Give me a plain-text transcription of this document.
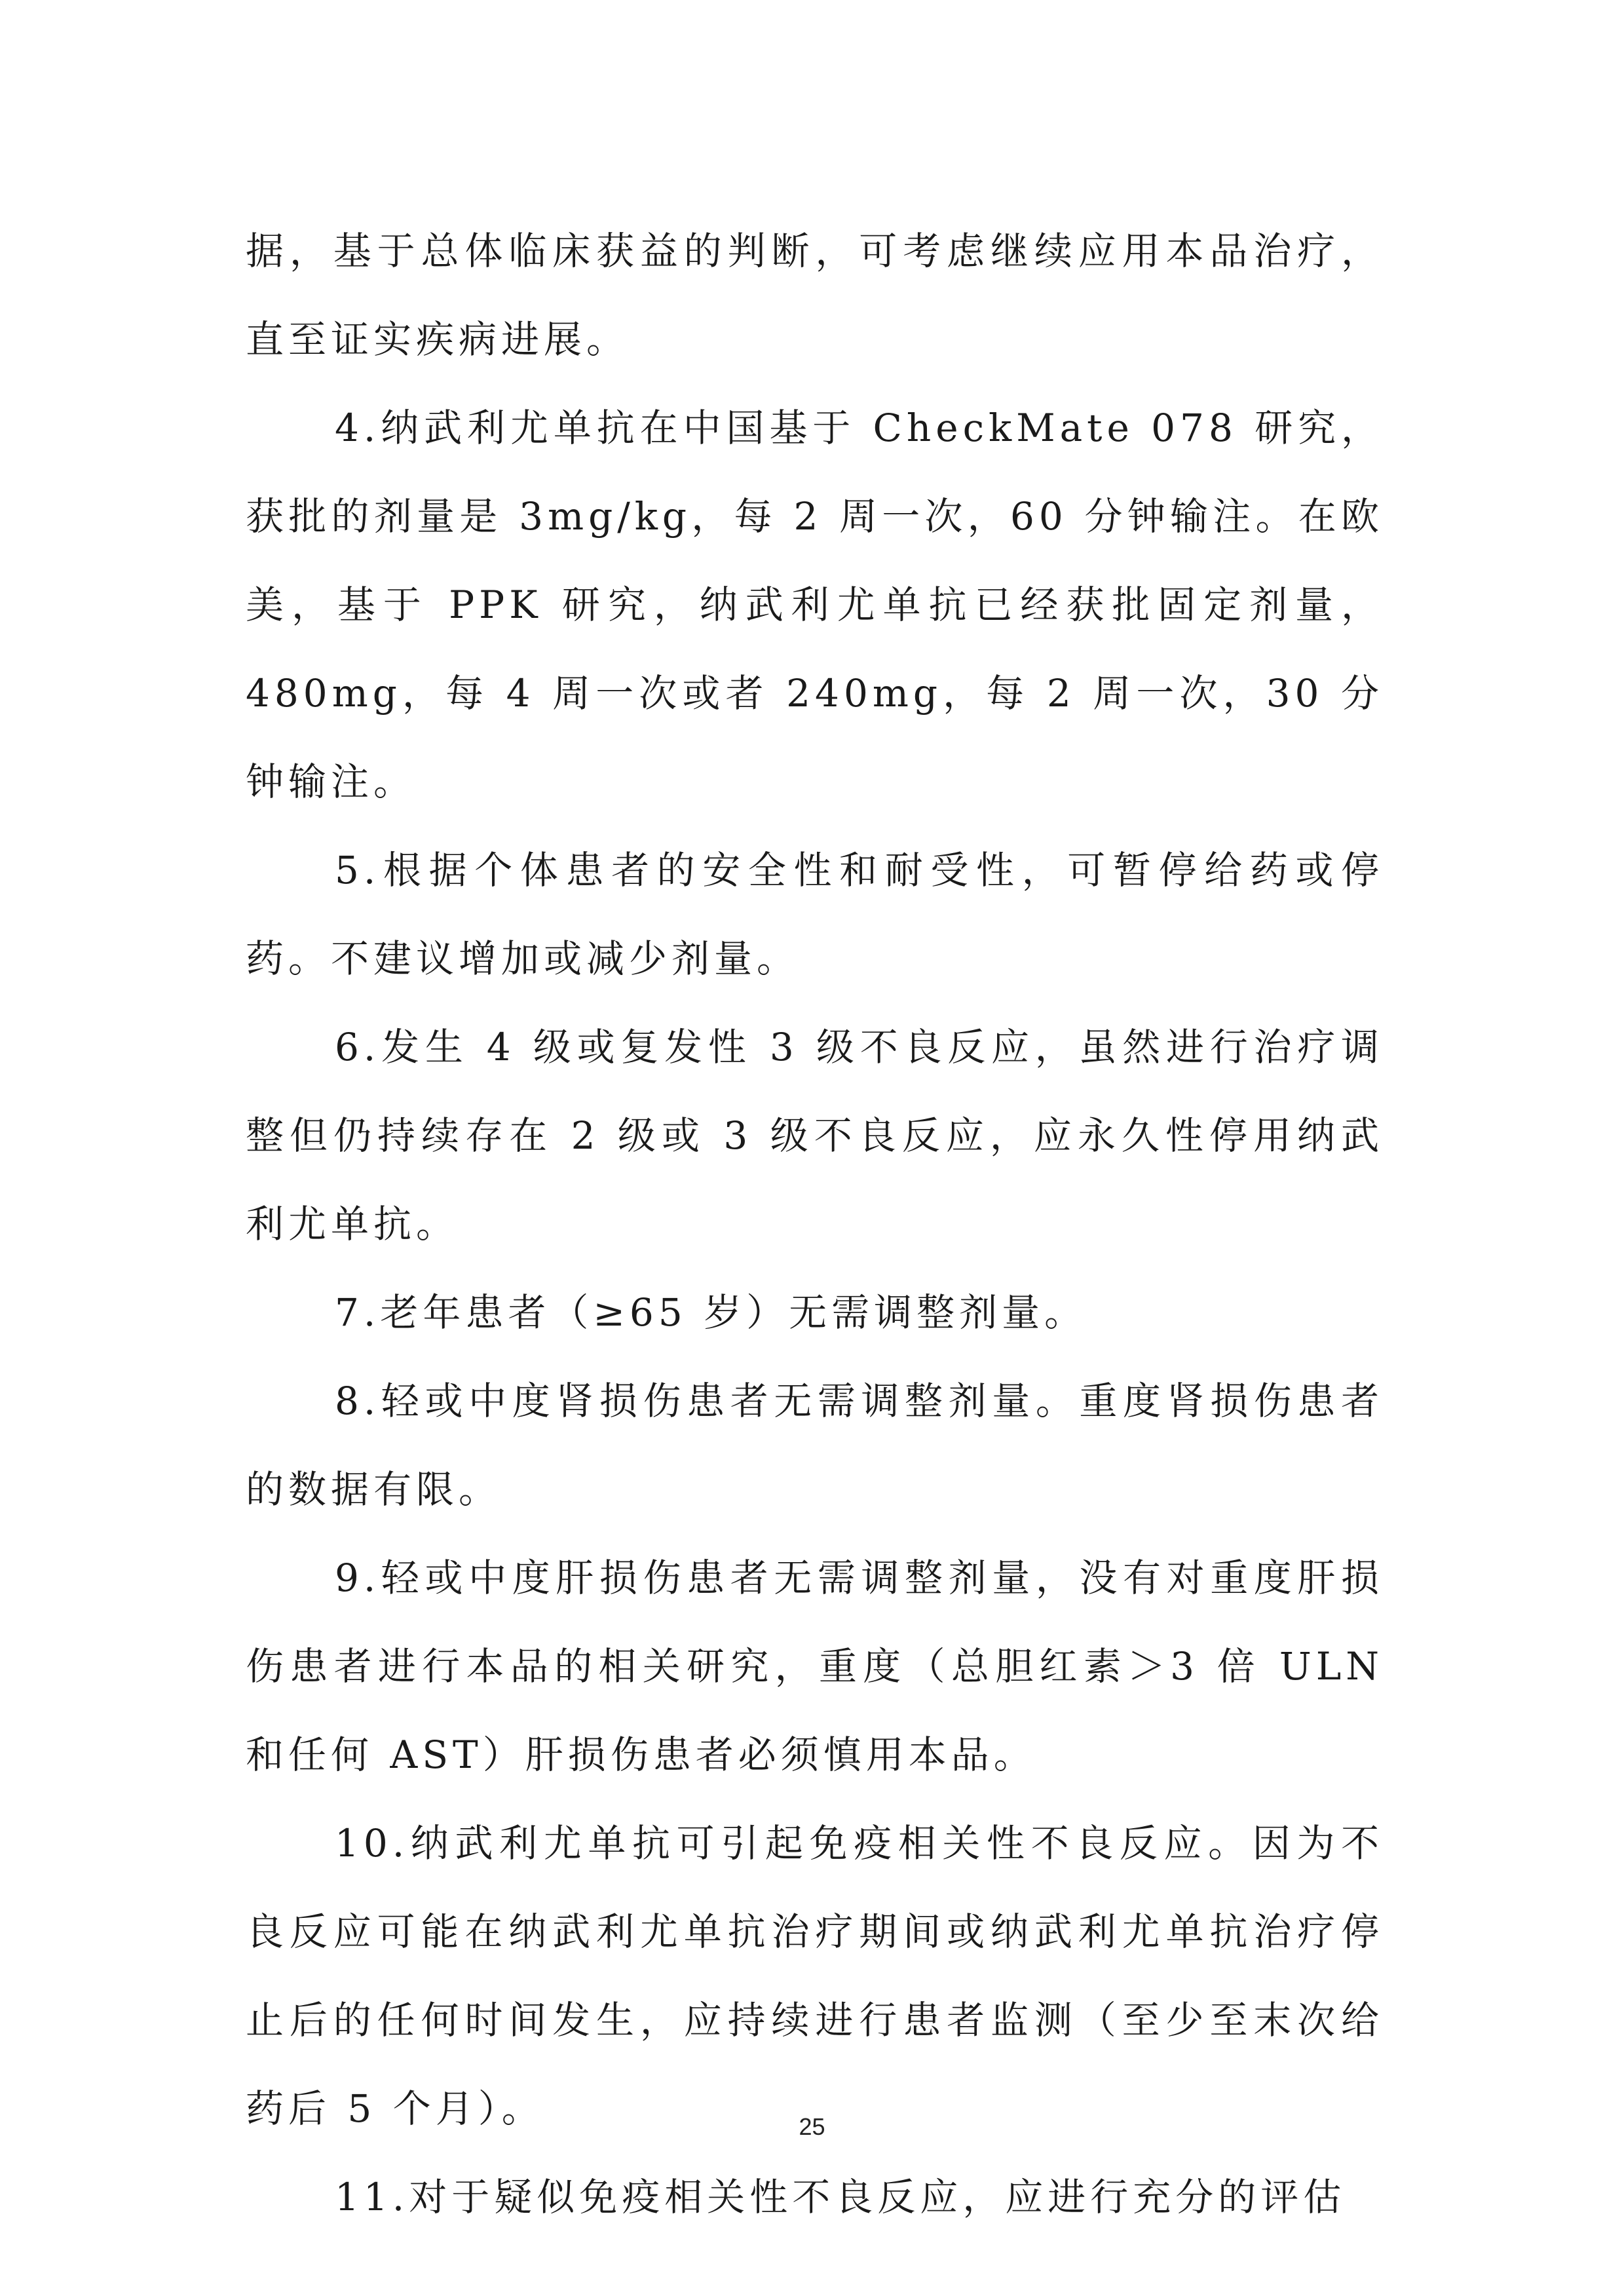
据，基于总体临床获益的判断，可考虑继续应用本品治疗，直至证实疾病进展。

4.纳武利尤单抗在中国基于 CheckMate 078 研究，获批的剂量是 3mg/kg，每 2 周一次，60 分钟输注。在欧美，基于 PPK 研究，纳武利尤单抗已经获批固定剂量，480mg，每 4 周一次或者 240mg，每 2 周一次，30 分钟输注。

5.根据个体患者的安全性和耐受性，可暂停给药或停药。不建议增加或减少剂量。

6.发生 4 级或复发性 3 级不良反应，虽然进行治疗调整但仍持续存在 2 级或 3 级不良反应，应永久性停用纳武利尤单抗。

7.老年患者（≥65 岁）无需调整剂量。

8.轻或中度肾损伤患者无需调整剂量。重度肾损伤患者的数据有限。

9.轻或中度肝损伤患者无需调整剂量，没有对重度肝损伤患者进行本品的相关研究，重度（总胆红素＞3 倍 ULN 和任何 AST）肝损伤患者必须慎用本品。

10.纳武利尤单抗可引起免疫相关性不良反应。因为不良反应可能在纳武利尤单抗治疗期间或纳武利尤单抗治疗停止后的任何时间发生，应持续进行患者监测（至少至末次给药后 5 个月）。

11.对于疑似免疫相关性不良反应，应进行充分的评估

25
